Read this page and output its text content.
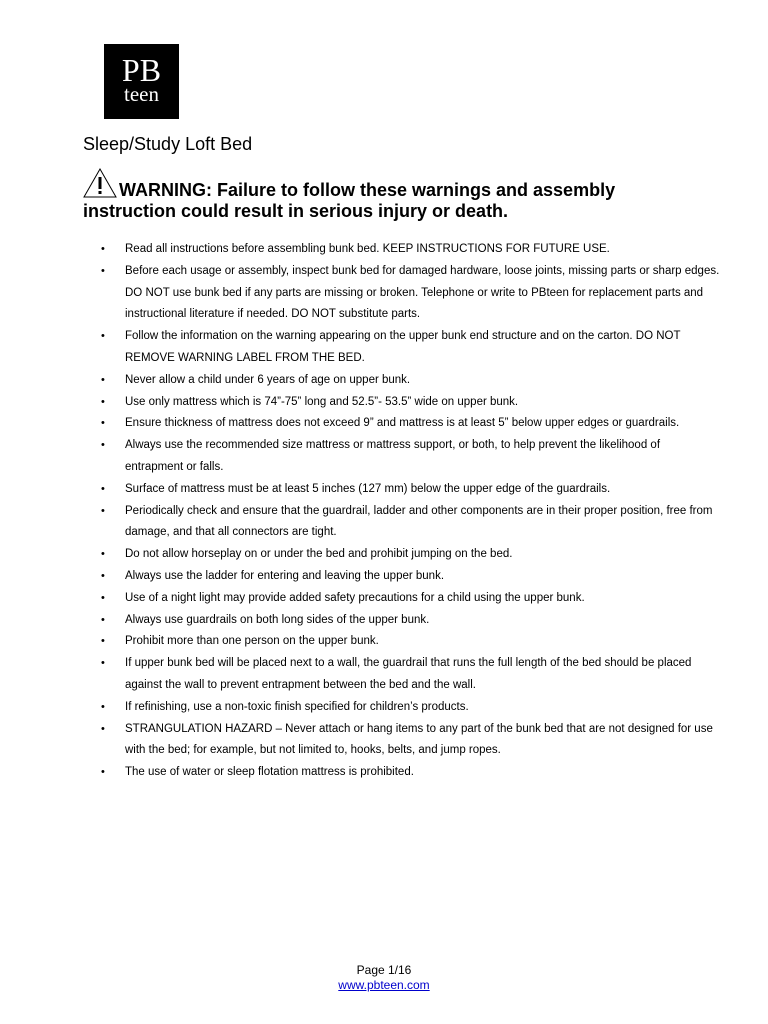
PB
teen
Sleep/Study Loft Bed
WARNING: Failure to follow these warnings and assembly
instruction could result in serious injury or death.
• Read all instructions before assembling bunk bed. KEEP INSTRUCTIONS FOR FUTURE USE.
• Before each usage or assembly, inspect bunk bed for damaged hardware, loose joints, missing parts or sharp edges. DO NOT use bunk bed if any parts are missing or broken. Telephone or write to PBteen for replacement parts and instructional literature if needed. DO NOT substitute parts.
• Follow the information on the warning appearing on the upper bunk end structure and on the carton. DO NOT REMOVE WARNING LABEL FROM THE BED.
• Never allow a child under 6 years of age on upper bunk.
• Use only mattress which is 74”-75” long and 52.5”- 53.5” wide on upper bunk.
• Ensure thickness of mattress does not exceed 9” and mattress is at least 5” below upper edges or guardrails.
• Always use the recommended size mattress or mattress support, or both, to help prevent the likelihood of entrapment or falls.
• Surface of mattress must be at least 5 inches (127 mm) below the upper edge of the guardrails.
• Periodically check and ensure that the guardrail, ladder and other components are in their proper position, free from damage, and that all connectors are tight.
• Do not allow horseplay on or under the bed and prohibit jumping on the bed.
• Always use the ladder for entering and leaving the upper bunk.
• Use of a night light may provide added safety precautions for a child using the upper bunk.
• Always use guardrails on both long sides of the upper bunk.
• Prohibit more than one person on the upper bunk.
• If upper bunk bed will be placed next to a wall, the guardrail that runs the full length of the bed should be placed against the wall to prevent entrapment between the bed and the wall.
• If refinishing, use a non-toxic finish specified for children’s products.
• STRANGULATION HAZARD – Never attach or hang items to any part of the bunk bed that are not designed for use with the bed; for example, but not limited to, hooks, belts, and jump ropes.
• The use of water or sleep flotation mattress is prohibited.
Page 1/16
www.pbteen.com
